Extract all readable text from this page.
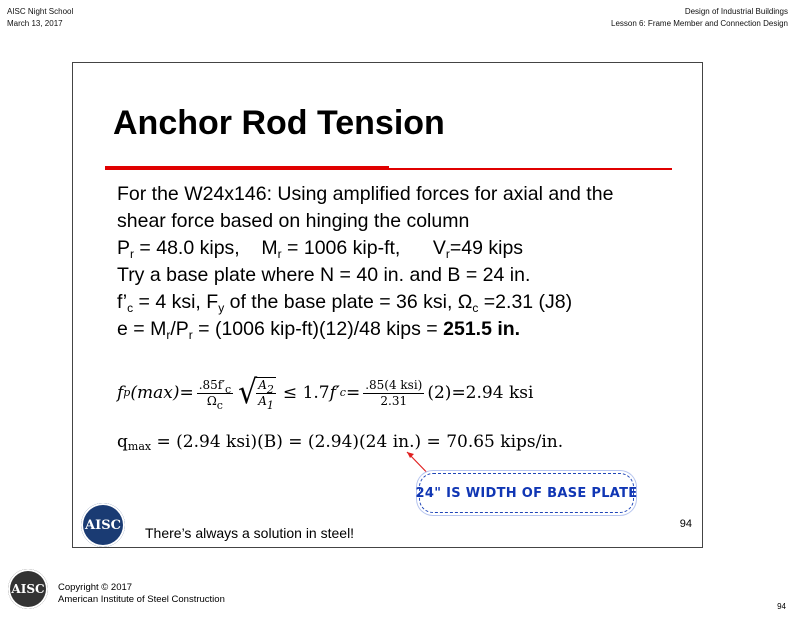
AISC Night School
March 13, 2017
Design of Industrial Buildings
Lesson 6: Frame Member and Connection Design
Anchor Rod Tension
For the W24x146: Using amplified forces for axial and the
shear force based on hinging the column
$P_r = 48.0$ kips, $M_r = 1006$ kip-ft, $V_r=49$ kips
Try a base plate where N = 40 in. and B = 24 in.
$f’_c = 4$ ksi, $F_y$ of the base plate = 36 ksi, $\Omega_c =2.31$ (J8)
$e = M_r/P_r = (1006$ kip-ft)(12)/48 kips = 251.5 in.
f p $(\max) = \frac{.85f'_c}{\Omega_c}$ √ $\frac{A_2}{A_1} \le 1.7$ f′ $c = \frac{\text{.85(4 ksi)}}{2.31} (2)=2.94$ ksi
$q_{max} = (2.94$ ksi)(B) = (2.94)(24 in.) = 70.65 kips/in.
24" IS WIDTH OF BASE PLATE
AISC There’s always a solution in steel!
94
AISC Copyright © 2017
American Institute of Steel Construction
94
